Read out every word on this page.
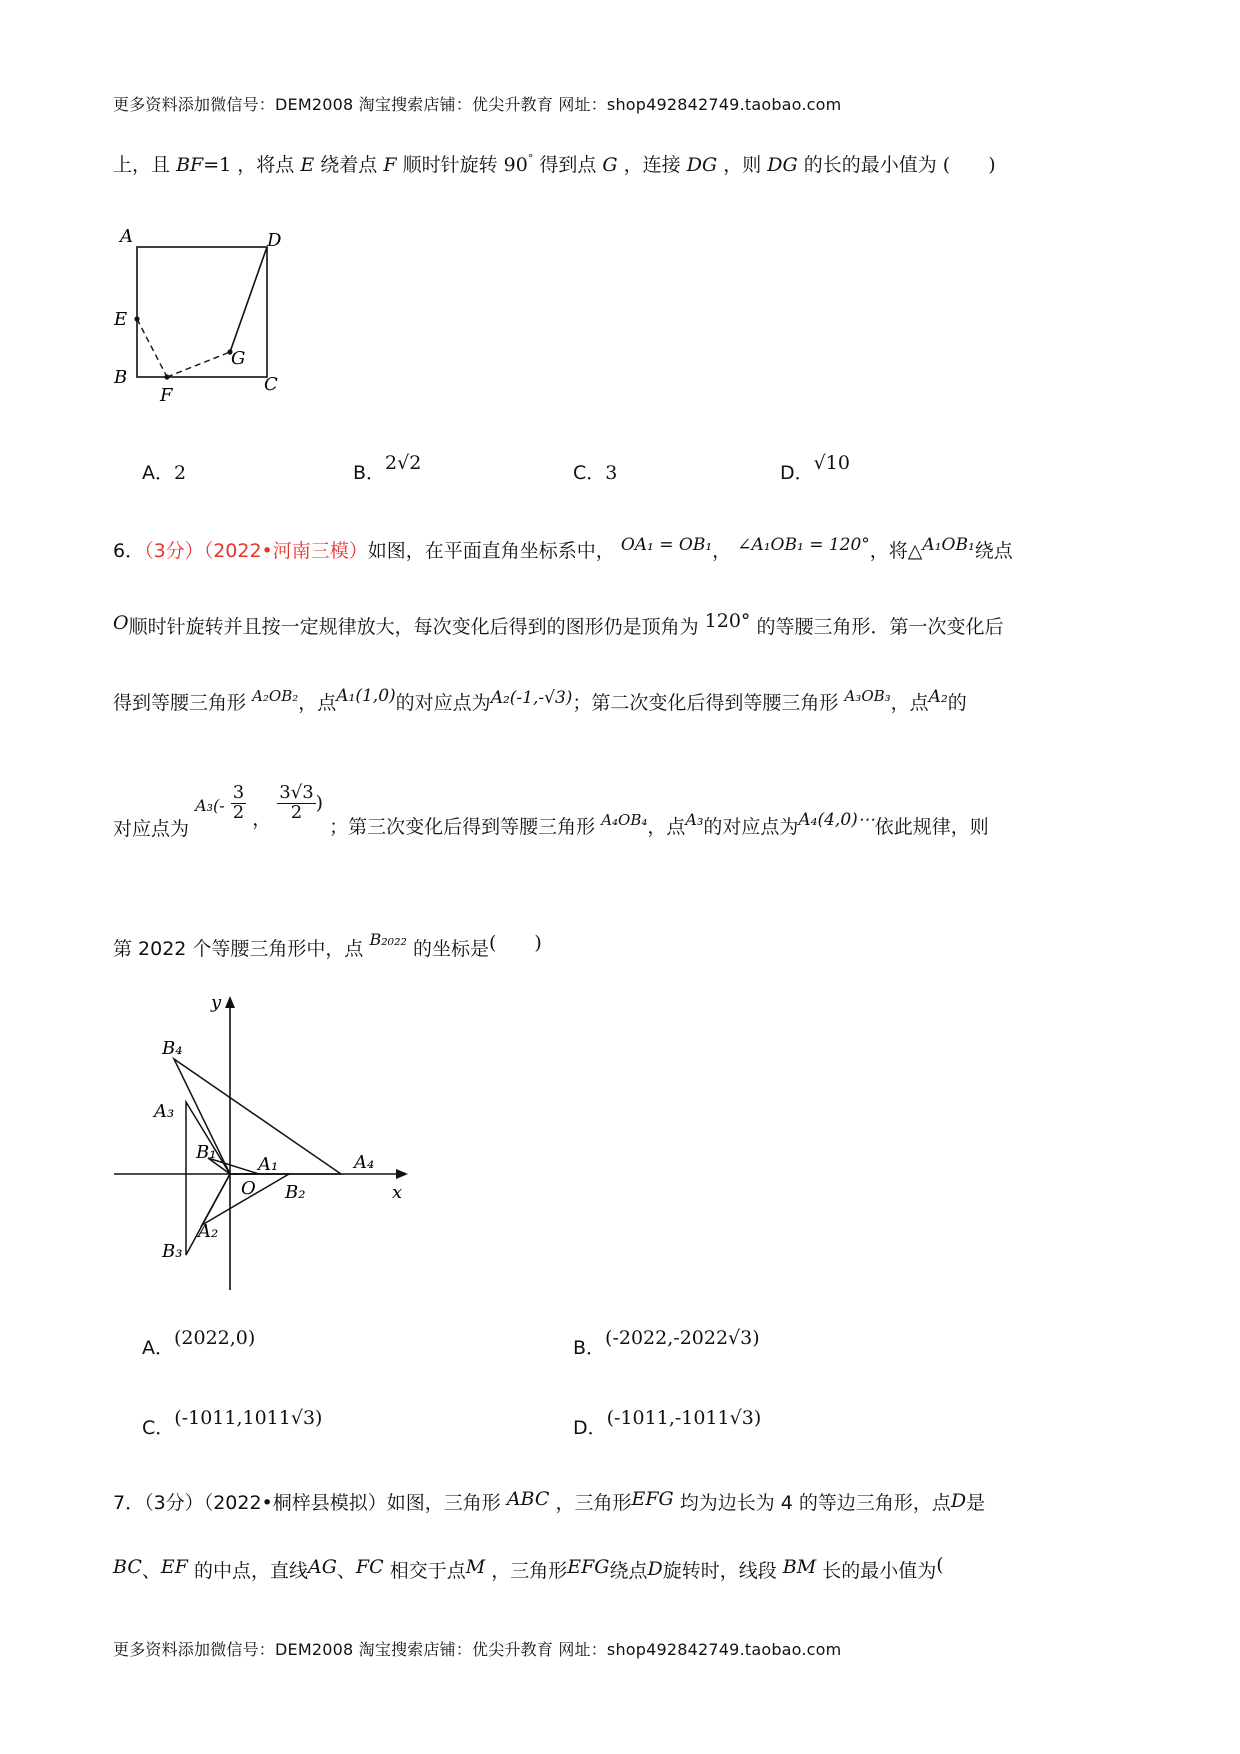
更多资料添加微信号：DEM2008 淘宝搜索店铺：优尖升教育 网址：shop492842749.taobao.com
上，且 BF=1 ，将点 E 绕着点 F 顺时针旋转 90° 得到点 G ，连接 DG ，则 DG 的长的最小值为 (　　)
A	D
E
G
B
F
C
A．2	B．2√2	C．3	D．√10
6．（3分）（2022•河南三模）如图，在平面直角坐标系中， OA₁ = OB₁， ∠A₁OB₁ = 120°，将△A₁OB₁绕点
O顺时针旋转并且按一定规律放大，每次变化后得到的图形仍是顶角为 120° 的等腰三角形．第一次变化后
得到等腰三角形 $^{A_2OB_2}$，点A₁(1,0)的对应点为A₂(-1,-√3)；第二次变化后得到等腰三角形 $^{A_3OB_3}$，点A₂的
对应点为 $^{A_3(-} \frac{3}{2}$ ， $\frac{3√3}{2}$ ) ；第三次变化后得到等腰三角形 $_{A_4OB_4}$，点$_{A_3}$的对应点为A₄(4,0)⋯依此规律，则
第 2022 个等腰三角形中，点 $^{B_{2022}}$ 的坐标是(　　)
y
x
O
B₄
A₃
B₁
A₁	A₄
B₂
A₂
B₃
A．(2022,0)	B．(-2022,-2022√3)
C．(-1011,1011√3)	D．(-1011,-1011√3)
7．（3分）（2022•桐梓县模拟）如图，三角形 ABC ，三角形EFG 均为边长为 4 的等边三角形，点D是
BC、EF 的中点，直线AG、FC 相交于点M ，三角形EFG绕点D旋转时，线段 BM 长的最小值为(
更多资料添加微信号：DEM2008 淘宝搜索店铺：优尖升教育 网址：shop492842749.taobao.com
